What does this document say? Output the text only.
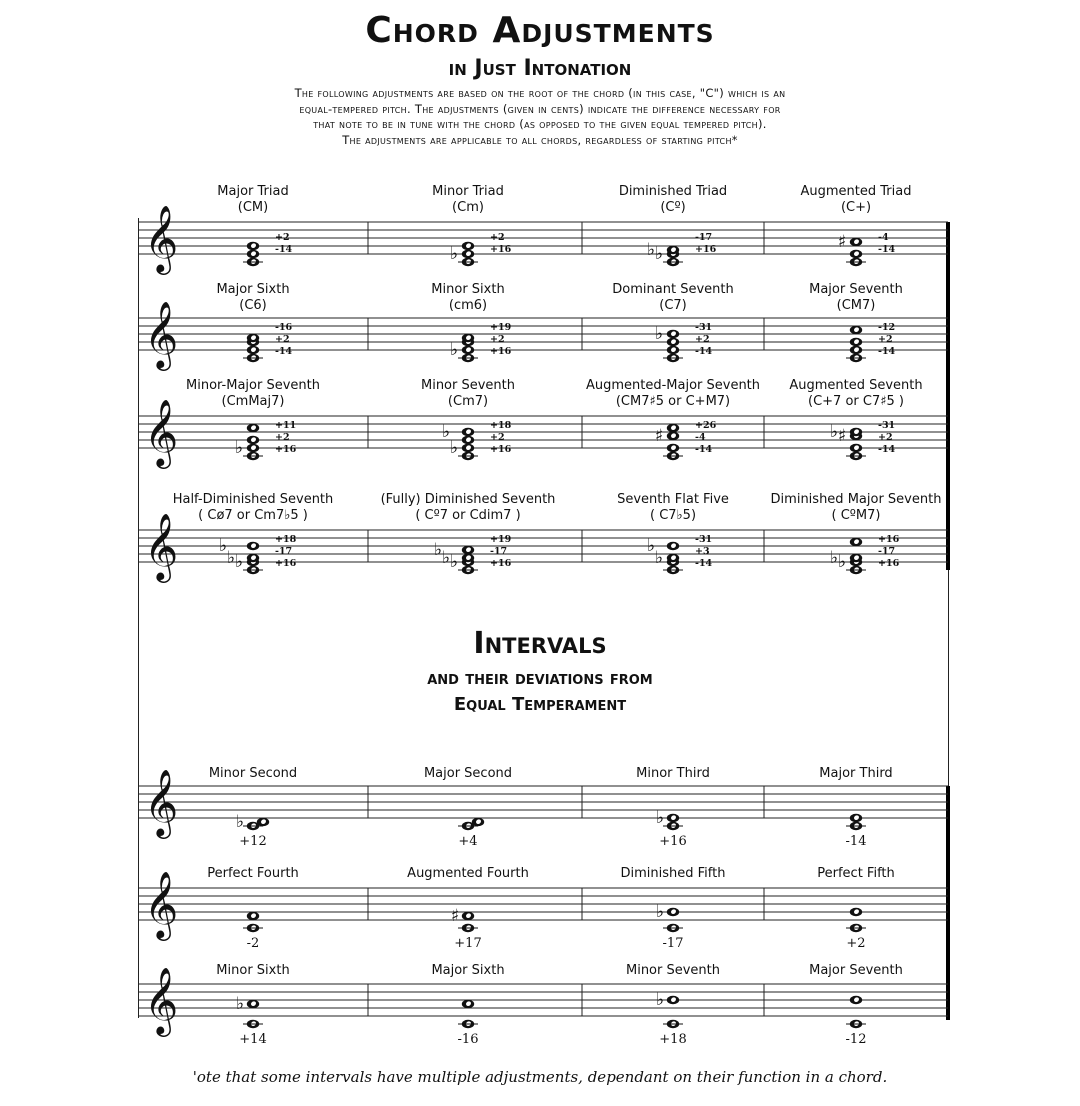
Chord Adjustments
in Just Intonation
The following adjustments are based on the root of the chord (in this case, "C") which is an
equal-tempered pitch. The adjustments (given in cents) indicate the difference necessary for
that note to be in tune with the chord (as opposed to the given equal tempered pitch).
The adjustments are applicable to all chords, regardless of starting pitch*
Intervals
and their deviations from
Equal Temperament
𝄞	♭	♭
♭	♯
Major Triad
(CM)
+2
-14
Minor Triad
(Cm)
+2
+16
Diminished Triad
(Cº)
-17
+16
Augmented Triad
(C+)
-4
-14
𝄞	♭
♭
Major Sixth
(C6)
-16
+2
-14
Minor Sixth
(cm6)
+19
+2
+16
Dominant Seventh
(C7)
-31
+2
-14
Major Seventh
(CM7)
-12
+2
-14
𝄞	♭	♭
♭	♯	♯
♭
Minor-Major Seventh
(CmMaj7)
+11
+2
+16
Minor Seventh
(Cm7)
+18
+2
+16
Augmented-Major Seventh
(CM7♯5 or C+M7)
+26
-4
-14
Augmented Seventh
(C+7 or C7♯5 )
-31
+2
-14
𝄞	♭
♭
♭
♭
♭
♭	♭
♭
♭
♭
Half-Diminished Seventh
( Cø7 or Cm7♭5 )
+18
-17
+16
(Fully) Diminished Seventh
( Cº7 or Cdim7 )
+19
-17
+16
Seventh Flat Five
( C7♭5)
-31
+3
-14
Diminished Major Seventh
( CºM7)
+16
-17
+16
𝄞	♭	♭
Minor Second
+12
Major Second
+4
Minor Third
+16
Major Third
-14
𝄞	♯	♭
Perfect Fourth
-2
Augmented Fourth
+17
Diminished Fifth
-17
Perfect Fifth
+2
𝄞	♭	♭
Minor Sixth
+14
Major Sixth
-16
Minor Seventh
+18
Major Seventh
-12
'ote that some intervals have multiple adjustments, dependant on their function in a chord.
